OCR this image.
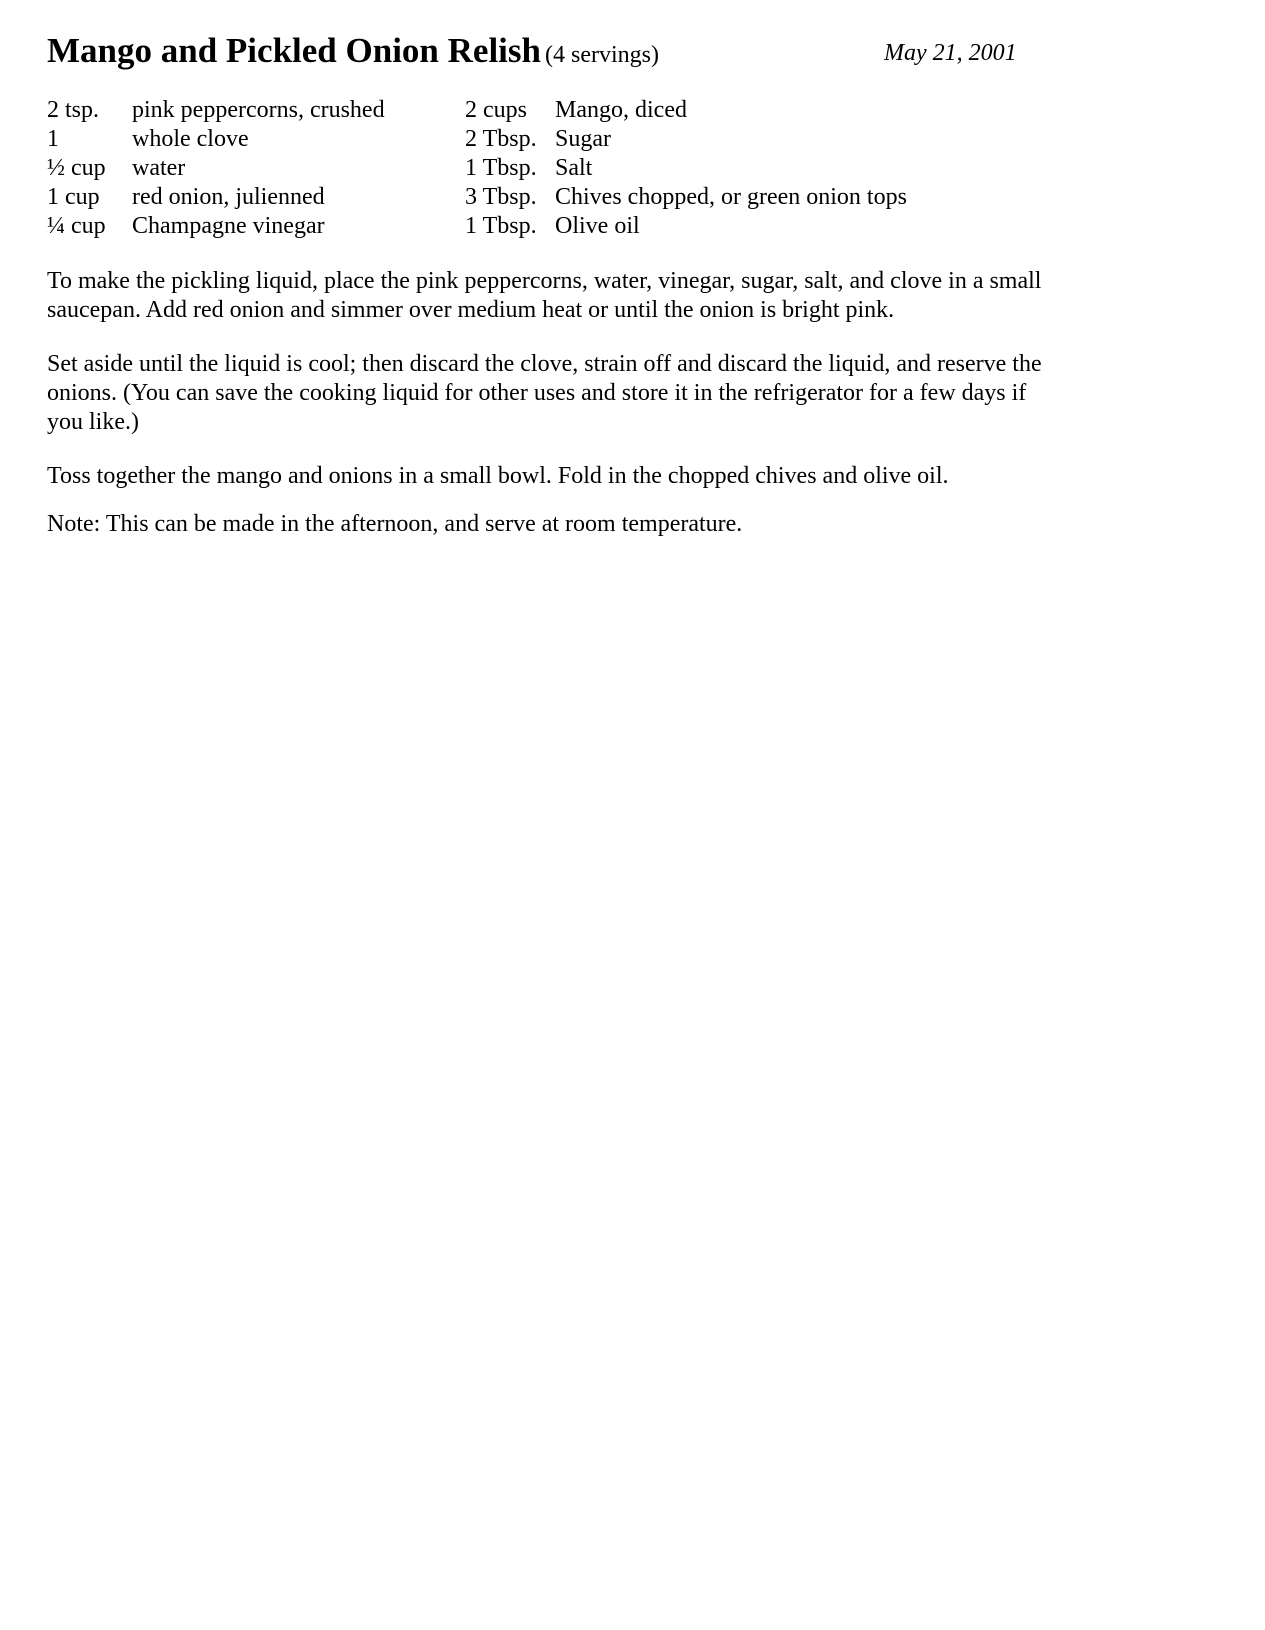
Mango and Pickled Onion Relish (4 servings)	May 21, 2001
2 tsp. pink peppercorns, crushed
1	whole clove
½ cup water
1 cup red onion, julienned
¼ cup Champagne vinegar
2 cups Mango, diced
2 Tbsp. Sugar
1 Tbsp. Salt
3 Tbsp. Chives chopped, or green onion tops
1 Tbsp. Olive oil

To make the pickling liquid, place the pink peppercorns, water, vinegar, sugar, salt, and clove in a small saucepan. Add red onion and simmer over medium heat or until the onion is bright pink.

Set aside until the liquid is cool; then discard the clove, strain off and discard the liquid, and reserve the onions. (You can save the cooking liquid for other uses and store it in the refrigerator for a few days if you like.)

Toss together the mango and onions in a small bowl. Fold in the chopped chives and olive oil.

Note: This can be made in the afternoon, and serve at room temperature.
